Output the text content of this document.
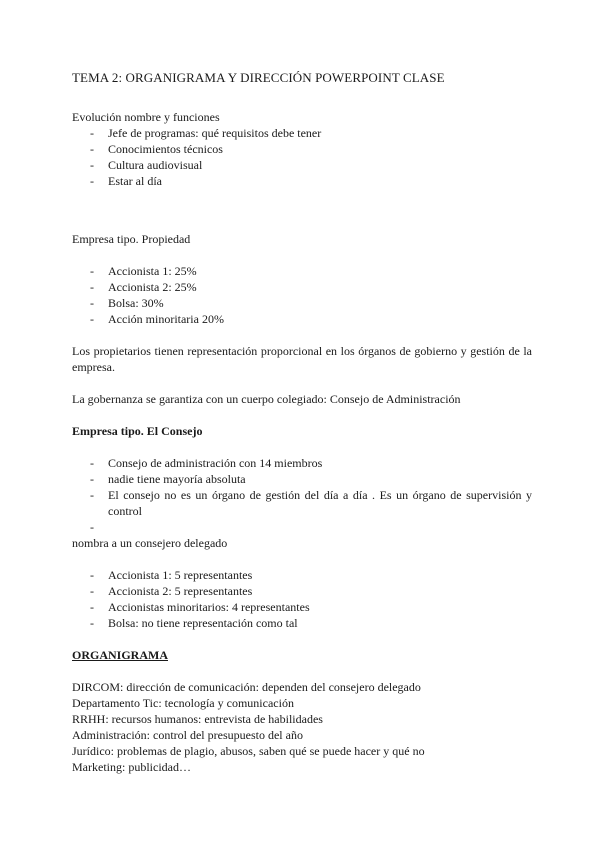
TEMA 2: ORGANIGRAMA Y DIRECCIÓN POWERPOINT CLASE

Evolución nombre y funciones

- Jefe de programas: qué requisitos debe tener
- Conocimientos técnicos
- Cultura audiovisual
- Estar al día

Empresa tipo. Propiedad

- Accionista 1: 25%
- Accionista 2: 25%
- Bolsa: 30%
- Acción minoritaria 20%

Los propietarios tienen representación proporcional en los órganos de gobierno y gestión de la empresa.

La gobernanza se garantiza con un cuerpo colegiado: Consejo de Administración

Empresa tipo. El Consejo

- Consejo de administración con 14 miembros
- nadie tiene mayoría absoluta
- El consejo no es un órgano de gestión del día a día . Es un órgano de supervisión y control
-

nombra a un consejero delegado

- Accionista 1: 5 representantes
- Accionista 2: 5 representantes
- Accionistas minoritarios: 4 representantes
- Bolsa: no tiene representación como tal

ORGANIGRAMA

DIRCOM: dirección de comunicación: dependen del consejero delegado

Departamento Tic: tecnología y comunicación

RRHH: recursos humanos: entrevista de habilidades

Administración: control del presupuesto del año

Jurídico: problemas de plagio, abusos, saben qué se puede hacer y qué no

Marketing: publicidad…
